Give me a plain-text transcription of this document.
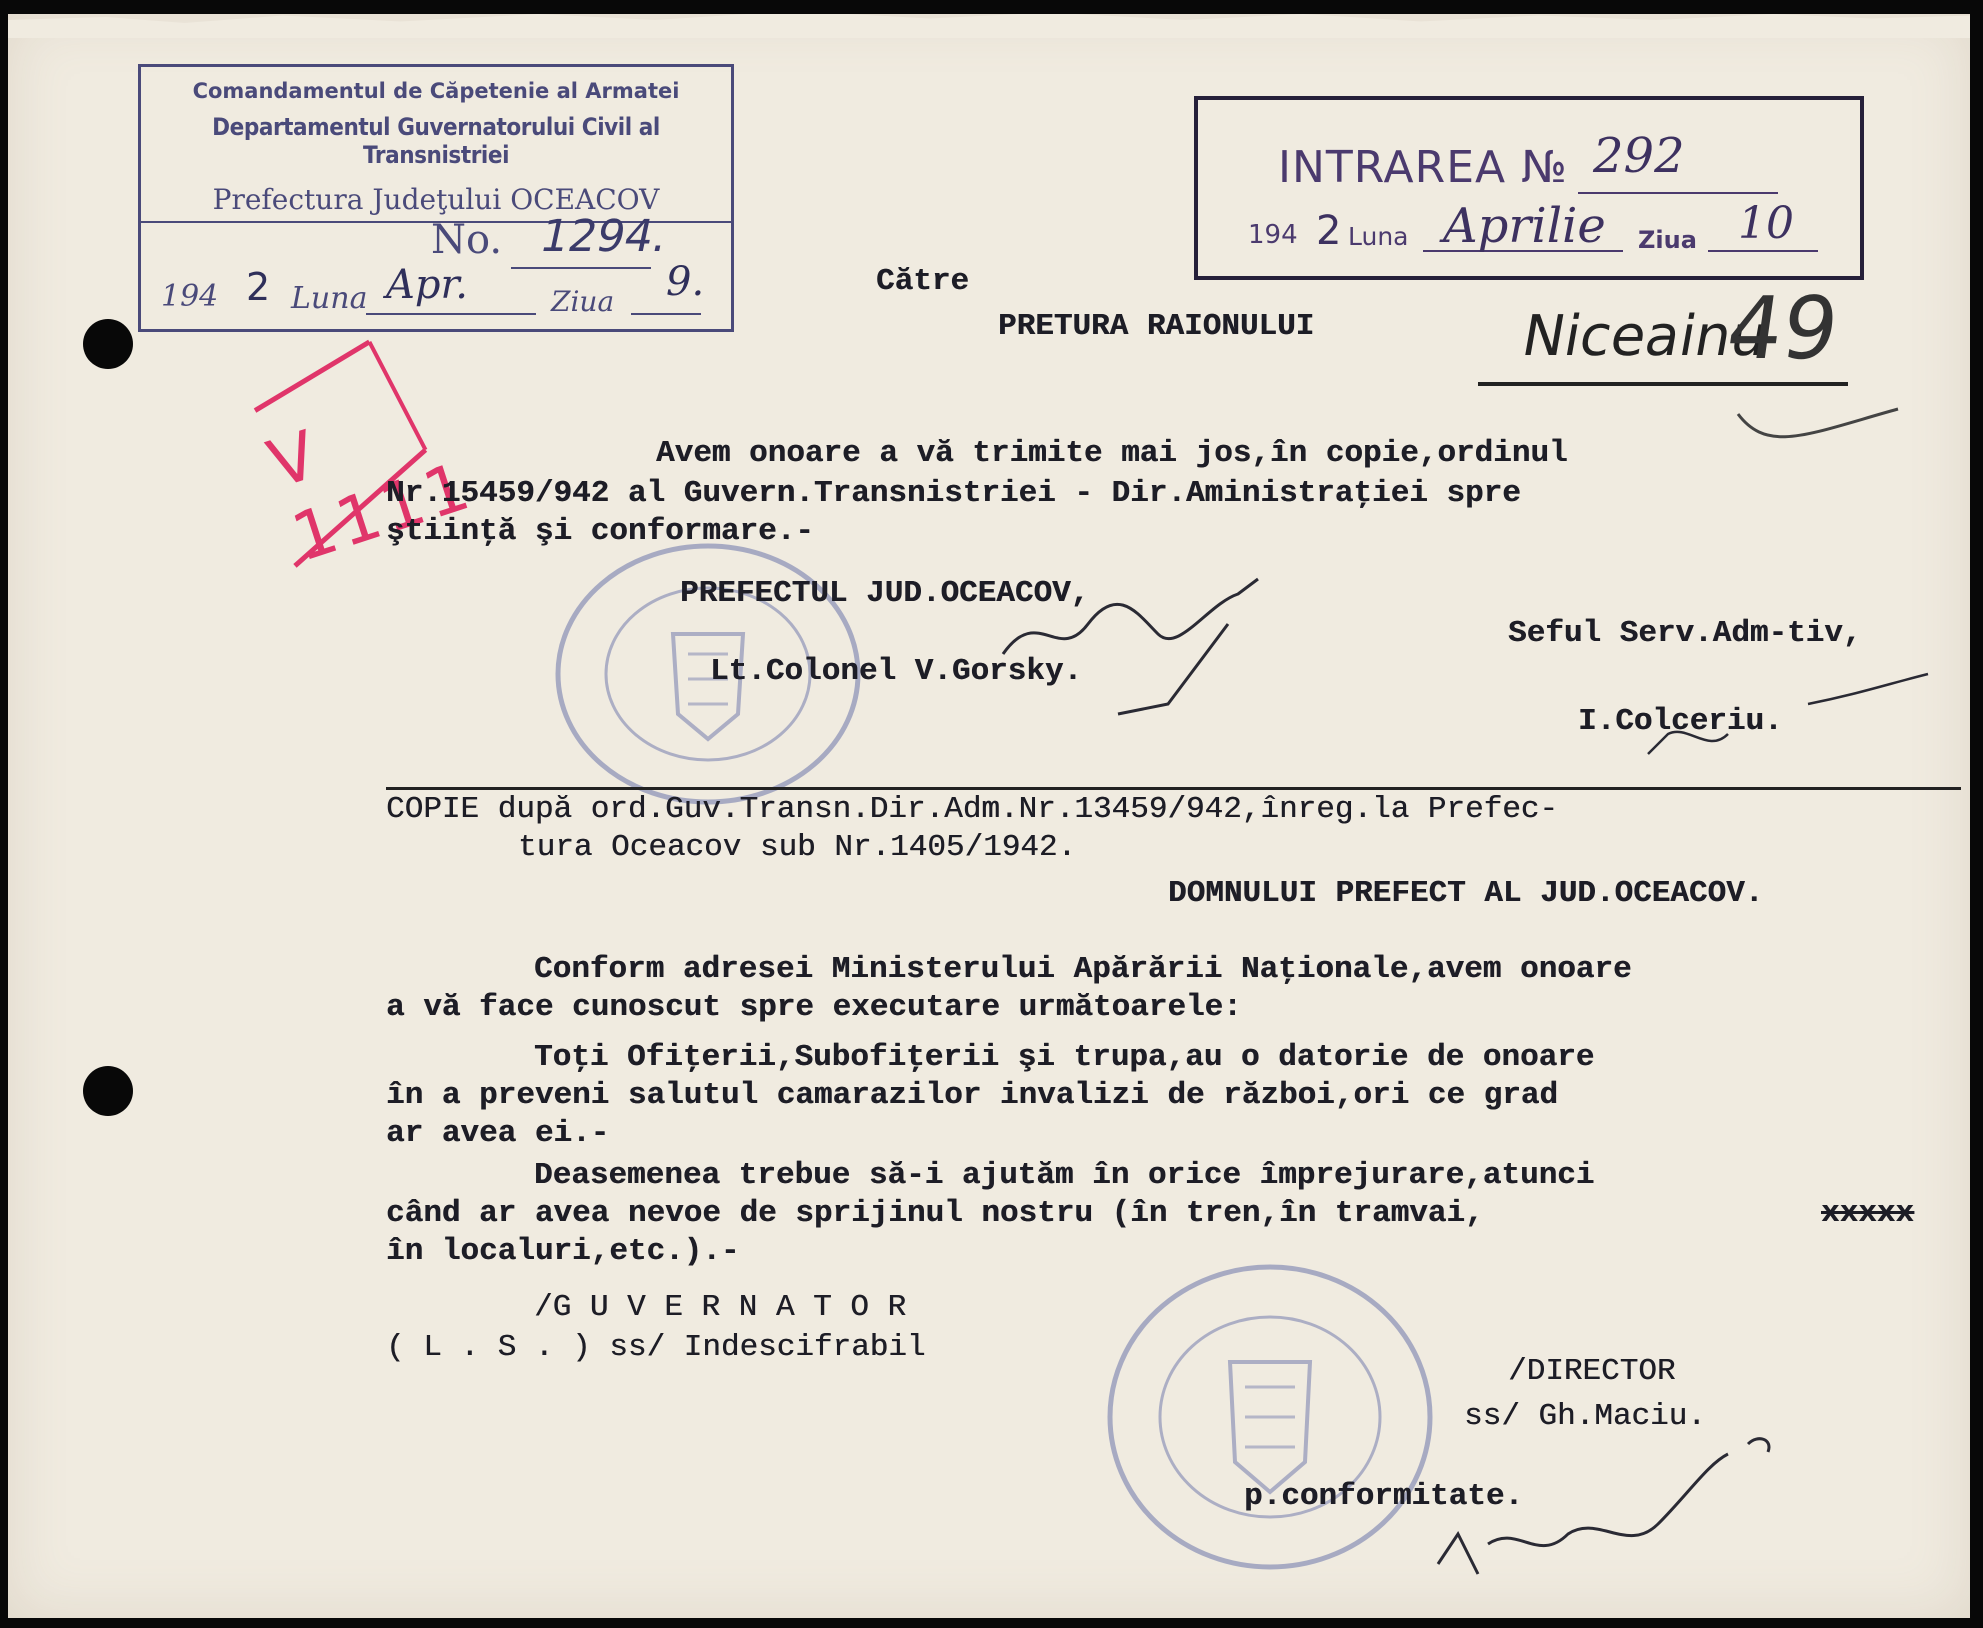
Comandamentul de Căpetenie al Armatei
Departamentul Guvernatorului Civil al Transnistriei
Prefectura Judeţului OCEACOV
No. 1294.
194 2 Luna Apr.	Ziua 9.
INTRAREA № 292
194 2 Luna Aprilie Ziua 10
V 1111
Către
PRETURA RAIONULUI	Niceainu
49
Avem onoare a vă trimite mai jos,în copie,ordinul
Nr.15459/942 al Guvern.Transnistriei - Dir.Aministraţiei spre
ştiinţă şi conformare.-
PREFECTUL JUD.OCEACOV,
Lt.Colonel V.Gorsky.
Seful Serv.Adm-tiv,
I.Colceriu.
COPIE după ord.Guv.Transn.Dir.Adm.Nr.13459/942,înreg.la Prefec-
tura Oceacov sub Nr.1405/1942.
DOMNULUI PREFECT AL JUD.OCEACOV.
Conform adresei Ministerului Apărării Naţionale,avem onoare
a vă face cunoscut spre executare următoarele:
Toţi Ofiţerii,Subofiţerii şi trupa,au o datorie de onoare
în a preveni salutul camarazilor invalizi de război,ori ce grad
ar avea ei.-
Deasemenea trebue să-i ajutăm în orice împrejurare,atunci
când ar avea nevoe de sprijinul nostru (în tren,în tramvai,	xxxxx
în localuri,etc.).-
/G U V E R N A T O R
( L . S . ) ss/ Indescifrabil
/DIRECTOR
ss/ Gh.Maciu.
p.conformitate.
